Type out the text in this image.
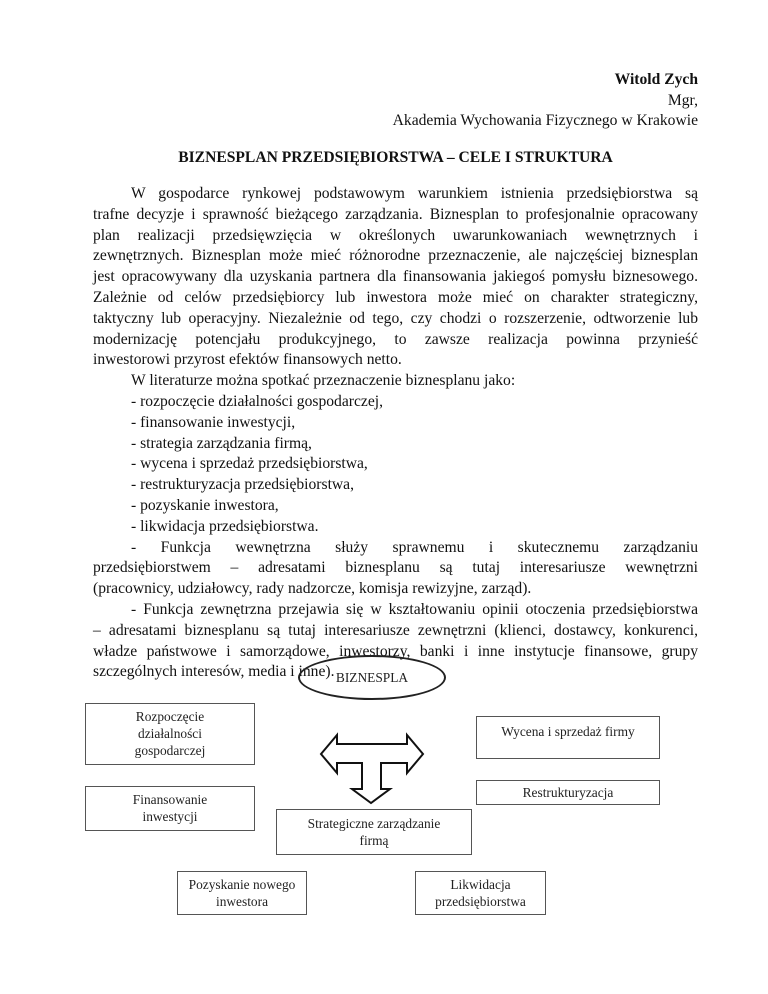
Witold Zych
Mgr,
Akademia Wychowania Fizycznego w Krakowie
BIZNESPLAN PRZEDSIĘBIORSTWA – CELE I STRUKTURA

W gospodarce rynkowej podstawowym warunkiem istnienia przedsiębiorstwa są

trafne decyzje i sprawność bieżącego zarządzania. Biznesplan to profesjonalnie opracowany

plan realizacji przedsięwzięcia w określonych uwarunkowaniach wewnętrznych i

zewnętrznych. Biznesplan może mieć różnorodne przeznaczenie, ale najczęściej biznesplan

jest opracowywany dla uzyskania partnera dla finansowania jakiegoś pomysłu biznesowego.

Zależnie od celów przedsiębiorcy lub inwestora może mieć on charakter strategiczny,

taktyczny lub operacyjny. Niezależnie od tego, czy chodzi o rozszerzenie, odtworzenie lub

modernizację potencjału produkcyjnego, to zawsze realizacja powinna przynieść

inwestorowi przyrost efektów finansowych netto.

W literaturze można spotkać przeznaczenie biznesplanu jako:

- rozpoczęcie działalności gospodarczej,

- finansowanie inwestycji,

- strategia zarządzania firmą,

- wycena i sprzedaż przedsiębiorstwa,

- restrukturyzacja przedsiębiorstwa,

- pozyskanie inwestora,

- likwidacja przedsiębiorstwa.

- Funkcja wewnętrzna służy sprawnemu i skutecznemu zarządzaniu

przedsiębiorstwem – adresatami biznesplanu są tutaj interesariusze wewnętrzni

(pracownicy, udziałowcy, rady nadzorcze, komisja rewizyjne, zarząd).

- Funkcja zewnętrzna przejawia się w kształtowaniu opinii otoczenia przedsiębiorstwa

– adresatami biznesplanu są tutaj interesariusze zewnętrzni (klienci, dostawcy, konkurenci,

władze państwowe i samorządowe, inwestorzy, banki i inne instytucje finansowe, grupy

szczególnych interesów, media i inne). BIZNESPLA
Rozpoczęcie
działalności
gospodarczej
Wycena i sprzedaż firmy
Restrukturyzacja
Finansowanie
inwestycji	Strategiczne zarządzanie
firmą
Pozyskanie nowego
inwestora
Likwidacja
przedsiębiorstwa
